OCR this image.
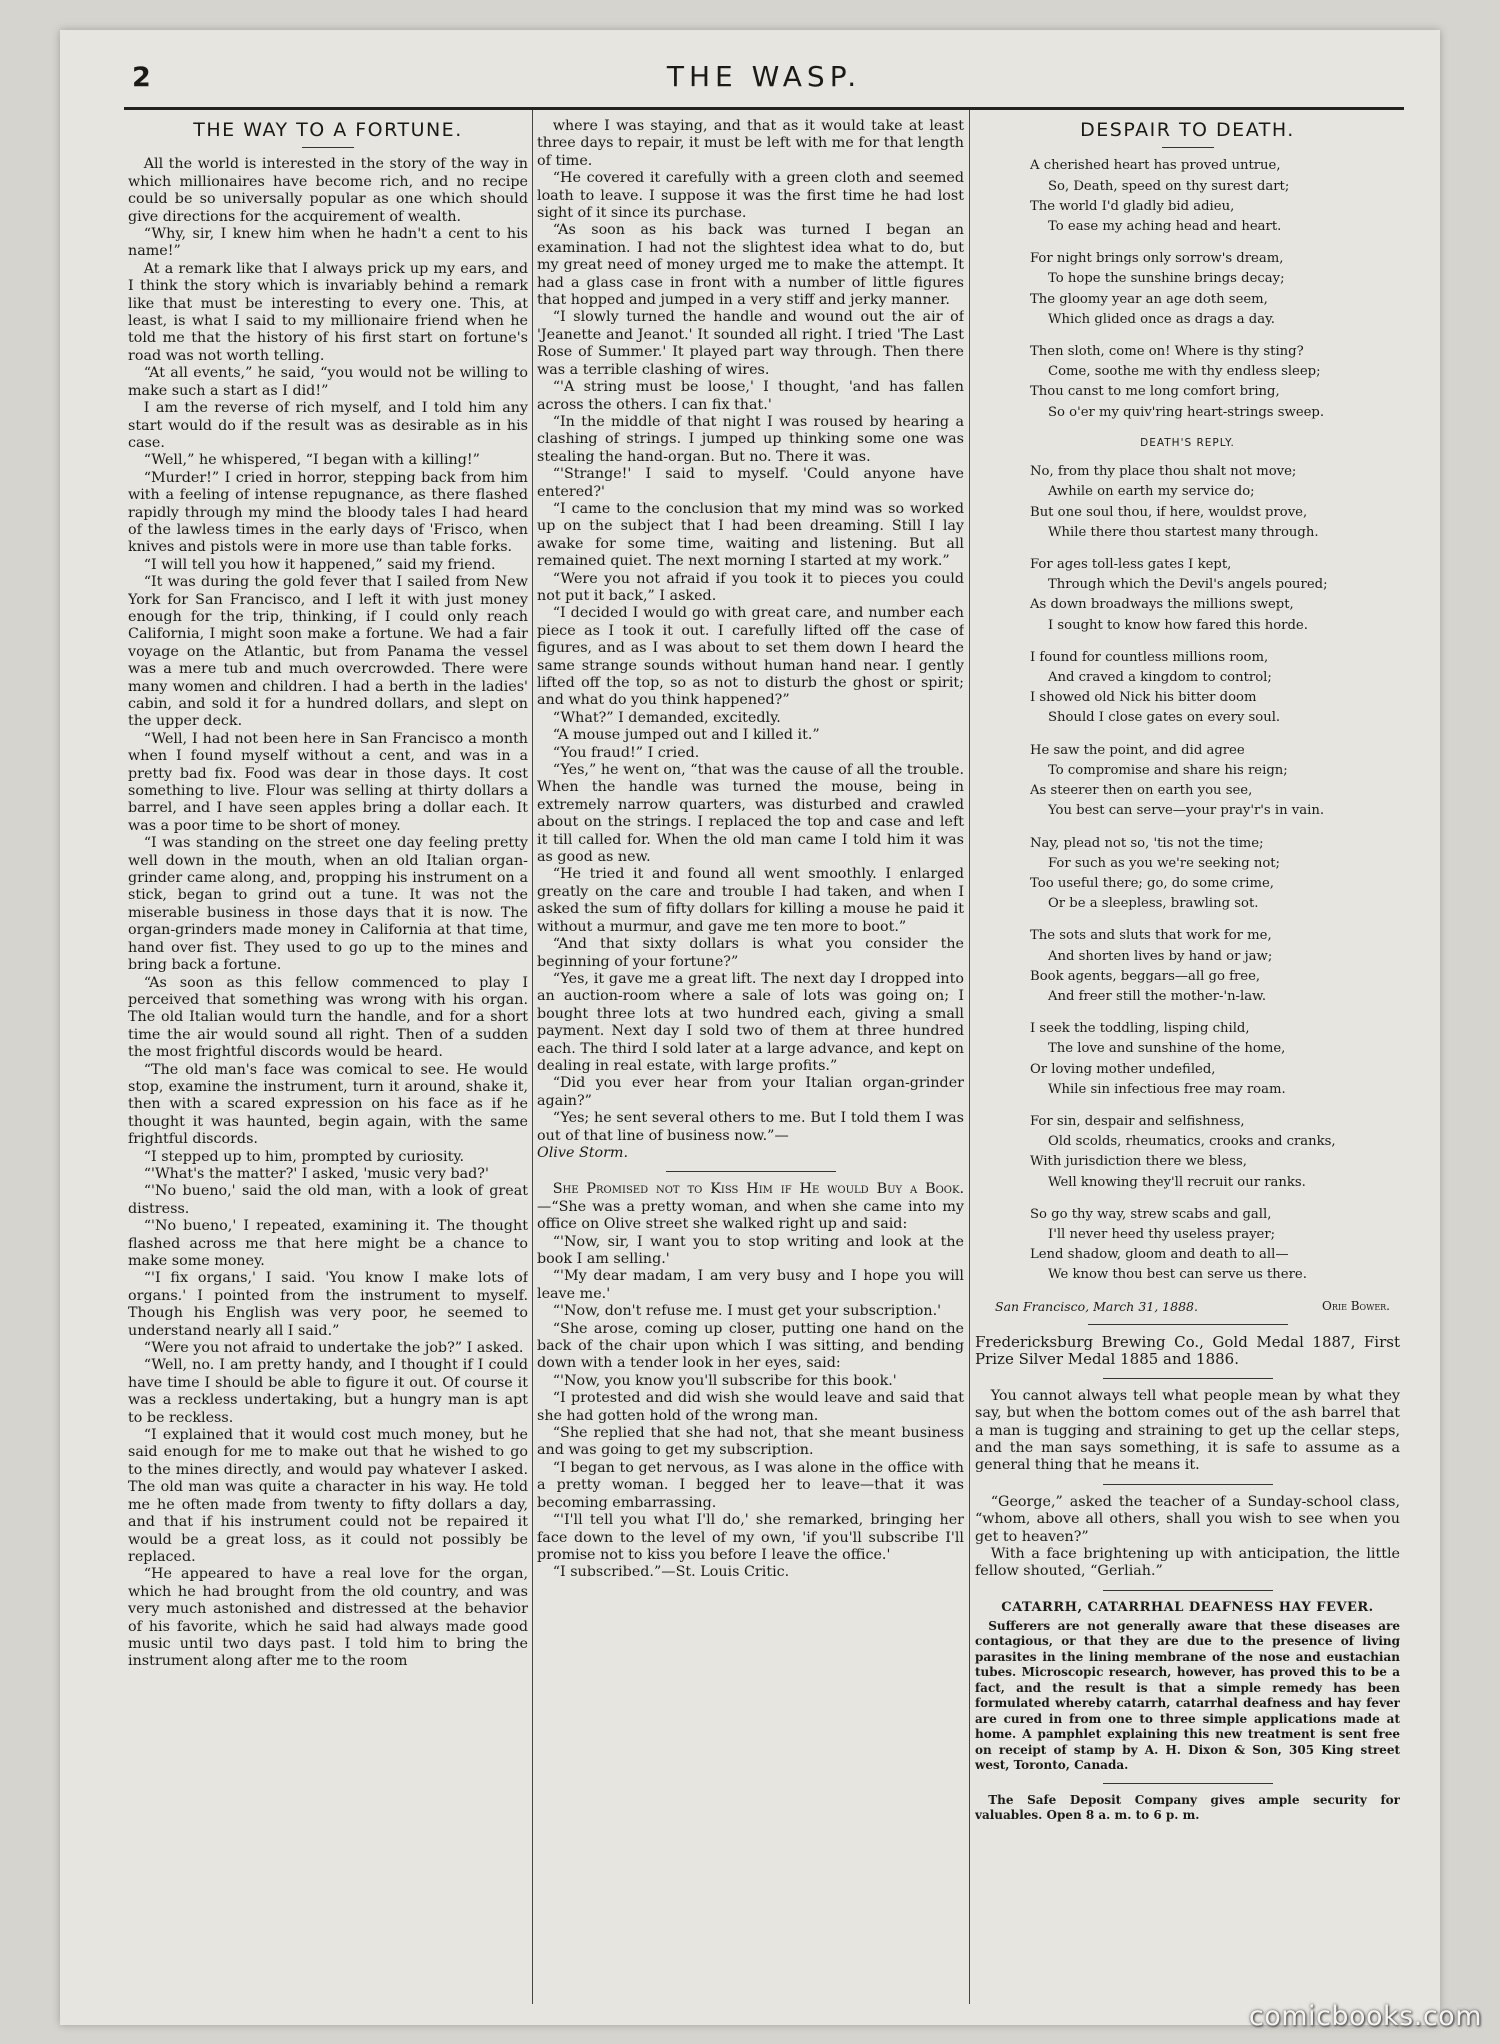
2	THE WASP.
THE WAY TO A FORTUNE.

All the world is interested in the story of the way in which millionaires have become rich, and no recipe could be so universally popular as one which should give directions for the acquirement of wealth.

“Why, sir, I knew him when he hadn't a cent to his name!”

At a remark like that I always prick up my ears, and I think the story which is invariably behind a remark like that must be interesting to every one. This, at least, is what I said to my millionaire friend when he told me that the history of his first start on fortune's road was not worth telling.

“At all events,” he said, “you would not be willing to make such a start as I did!”

I am the reverse of rich myself, and I told him any start would do if the result was as desirable as in his case.

“Well,” he whispered, “I began with a killing!”

“Murder!” I cried in horror, stepping back from him with a feeling of intense repugnance, as there flashed rapidly through my mind the bloody tales I had heard of the lawless times in the early days of 'Frisco, when knives and pistols were in more use than table forks.

“I will tell you how it happened,” said my friend.

“It was during the gold fever that I sailed from New York for San Francisco, and I left it with just money enough for the trip, thinking, if I could only reach California, I might soon make a fortune. We had a fair voyage on the Atlantic, but from Panama the vessel was a mere tub and much overcrowded. There were many women and children. I had a berth in the ladies' cabin, and sold it for a hundred dollars, and slept on the upper deck.

“Well, I had not been here in San Francisco a month when I found myself without a cent, and was in a pretty bad fix. Food was dear in those days. It cost something to live. Flour was selling at thirty dollars a barrel, and I have seen apples bring a dollar each. It was a poor time to be short of money.

“I was standing on the street one day feeling pretty well down in the mouth, when an old Italian organ-grinder came along, and, propping his instrument on a stick, began to grind out a tune. It was not the miserable business in those days that it is now. The organ-grinders made money in California at that time, hand over fist. They used to go up to the mines and bring back a fortune.

“As soon as this fellow commenced to play I perceived that something was wrong with his organ. The old Italian would turn the handle, and for a short time the air would sound all right. Then of a sudden the most frightful discords would be heard.

“The old man's face was comical to see. He would stop, examine the instrument, turn it around, shake it, then with a scared expression on his face as if he thought it was haunted, begin again, with the same frightful discords.

“I stepped up to him, prompted by curiosity.

“'What's the matter?' I asked, 'music very bad?'

“'No bueno,' said the old man, with a look of great distress.

“'No bueno,' I repeated, examining it. The thought flashed across me that here might be a chance to make some money.

“'I fix organs,' I said. 'You know I make lots of organs.' I pointed from the instrument to myself. Though his English was very poor, he seemed to understand nearly all I said.”

“Were you not afraid to undertake the job?” I asked.

“Well, no. I am pretty handy, and I thought if I could have time I should be able to figure it out. Of course it was a reckless undertaking, but a hungry man is apt to be reckless.

“I explained that it would cost much money, but he said enough for me to make out that he wished to go to the mines directly, and would pay whatever I asked. The old man was quite a character in his way. He told me he often made from twenty to fifty dollars a day, and that if his instrument could not be repaired it would be a great loss, as it could not possibly be replaced.

“He appeared to have a real love for the organ, which he had brought from the old country, and was very much astonished and distressed at the behavior of his favorite, which he said had always made good music until two days past. I told him to bring the instrument along after me to the room

where I was staying, and that as it would take at least three days to repair, it must be left with me for that length of time.

“He covered it carefully with a green cloth and seemed loath to leave. I suppose it was the first time he had lost sight of it since its purchase.

“As soon as his back was turned I began an examination. I had not the slightest idea what to do, but my great need of money urged me to make the attempt. It had a glass case in front with a number of little figures that hopped and jumped in a very stiff and jerky manner.

“I slowly turned the handle and wound out the air of 'Jeanette and Jeanot.' It sounded all right. I tried 'The Last Rose of Summer.' It played part way through. Then there was a terrible clashing of wires.

“'A string must be loose,' I thought, 'and has fallen across the others. I can fix that.'

“In the middle of that night I was roused by hearing a clashing of strings. I jumped up thinking some one was stealing the hand-organ. But no. There it was.

“'Strange!' I said to myself. 'Could anyone have entered?'

“I came to the conclusion that my mind was so worked up on the subject that I had been dreaming. Still I lay awake for some time, waiting and listening. But all remained quiet. The next morning I started at my work.”

“Were you not afraid if you took it to pieces you could not put it back,” I asked.

“I decided I would go with great care, and number each piece as I took it out. I carefully lifted off the case of figures, and as I was about to set them down I heard the same strange sounds without human hand near. I gently lifted off the top, so as not to disturb the ghost or spirit; and what do you think happened?”

“What?” I demanded, excitedly.

“A mouse jumped out and I killed it.”

“You fraud!” I cried.

“Yes,” he went on, “that was the cause of all the trouble. When the handle was turned the mouse, being in extremely narrow quarters, was disturbed and crawled about on the strings. I replaced the top and case and left it till called for. When the old man came I told him it was as good as new.

“He tried it and found all went smoothly. I enlarged greatly on the care and trouble I had taken, and when I asked the sum of fifty dollars for killing a mouse he paid it without a murmur, and gave me ten more to boot.”

“And that sixty dollars is what you consider the beginning of your fortune?”

“Yes, it gave me a great lift. The next day I dropped into an auction-room where a sale of lots was going on; I bought three lots at two hundred each, giving a small payment. Next day I sold two of them at three hundred each. The third I sold later at a large advance, and kept on dealing in real estate, with large profits.”

“Did you ever hear from your Italian organ-grinder again?”

“Yes; he sent several others to me. But I told them I was out of that line of business now.”—

Olive Storm.

She Promised not to Kiss Him if He would Buy a Book.—“She was a pretty woman, and when she came into my office on Olive street she walked right up and said:

“'Now, sir, I want you to stop writing and look at the book I am selling.'

“'My dear madam, I am very busy and I hope you will leave me.'

“'Now, don't refuse me. I must get your subscription.'

“She arose, coming up closer, putting one hand on the back of the chair upon which I was sitting, and bending down with a tender look in her eyes, said:

“'Now, you know you'll subscribe for this book.'

“I protested and did wish she would leave and said that she had gotten hold of the wrong man.

“She replied that she had not, that she meant business and was going to get my subscription.

“I began to get nervous, as I was alone in the office with a pretty woman. I begged her to leave—that it was becoming embarrassing.

“'I'll tell you what I'll do,' she remarked, bringing her face down to the level of my own, 'if you'll subscribe I'll promise not to kiss you before I leave the office.'

“I subscribed.”—St. Louis Critic.

DESPAIR TO DEATH.
A cherished heart has proved untrue,
So, Death, speed on thy surest dart;
The world I'd gladly bid adieu,
To ease my aching head and heart.
For night brings only sorrow's dream,
To hope the sunshine brings decay;
The gloomy year an age doth seem,
Which glided once as drags a day.
Then sloth, come on! Where is thy sting?
Come, soothe me with thy endless sleep;
Thou canst to me long comfort bring,
So o'er my quiv'ring heart-strings sweep.
DEATH'S REPLY.
No, from thy place thou shalt not move;
Awhile on earth my service do;
But one soul thou, if here, wouldst prove,
While there thou startest many through.
For ages toll-less gates I kept,
Through which the Devil's angels poured;
As down broadways the millions swept,
I sought to know how fared this horde.
I found for countless millions room,
And craved a kingdom to control;
I showed old Nick his bitter doom
Should I close gates on every soul.
He saw the point, and did agree
To compromise and share his reign;
As steerer then on earth you see,
You best can serve—your pray'r's in vain.
Nay, plead not so, 'tis not the time;
For such as you we're seeking not;
Too useful there; go, do some crime,
Or be a sleepless, brawling sot.
The sots and sluts that work for me,
And shorten lives by hand or jaw;
Book agents, beggars—all go free,
And freer still the mother-'n-law.
I seek the toddling, lisping child,
The love and sunshine of the home,
Or loving mother undefiled,
While sin infectious free may roam.
For sin, despair and selfishness,
Old scolds, rheumatics, crooks and cranks,
With jurisdiction there we bless,
Well knowing they'll recruit our ranks.
So go thy way, strew scabs and gall,
I'll never heed thy useless prayer;
Lend shadow, gloom and death to all—
We know thou best can serve us there.
San Francisco, March 31, 1888.	Orie Bower.

Fredericksburg Brewing Co., Gold Medal 1887, First Prize Silver Medal 1885 and 1886.

You cannot always tell what people mean by what they say, but when the bottom comes out of the ash barrel that a man is tugging and straining to get up the cellar steps, and the man says something, it is safe to assume as a general thing that he means it.

“George,” asked the teacher of a Sunday-school class, “whom, above all others, shall you wish to see when you get to heaven?”

With a face brightening up with anticipation, the little fellow shouted, “Gerliah.”

CATARRH, CATARRHAL DEAFNESS HAY FEVER.

Sufferers are not generally aware that these diseases are contagious, or that they are due to the presence of living parasites in the lining membrane of the nose and eustachian tubes. Microscopic research, however, has proved this to be a fact, and the result is that a simple remedy has been formulated whereby catarrh, catarrhal deafness and hay fever are cured in from one to three simple applications made at home. A pamphlet explaining this new treatment is sent free on receipt of stamp by A. H. Dixon & Son, 305 King street west, Toronto, Canada.

The Safe Deposit Company gives ample security for valuables. Open 8 a. m. to 6 p. m.

comicbooks.com
